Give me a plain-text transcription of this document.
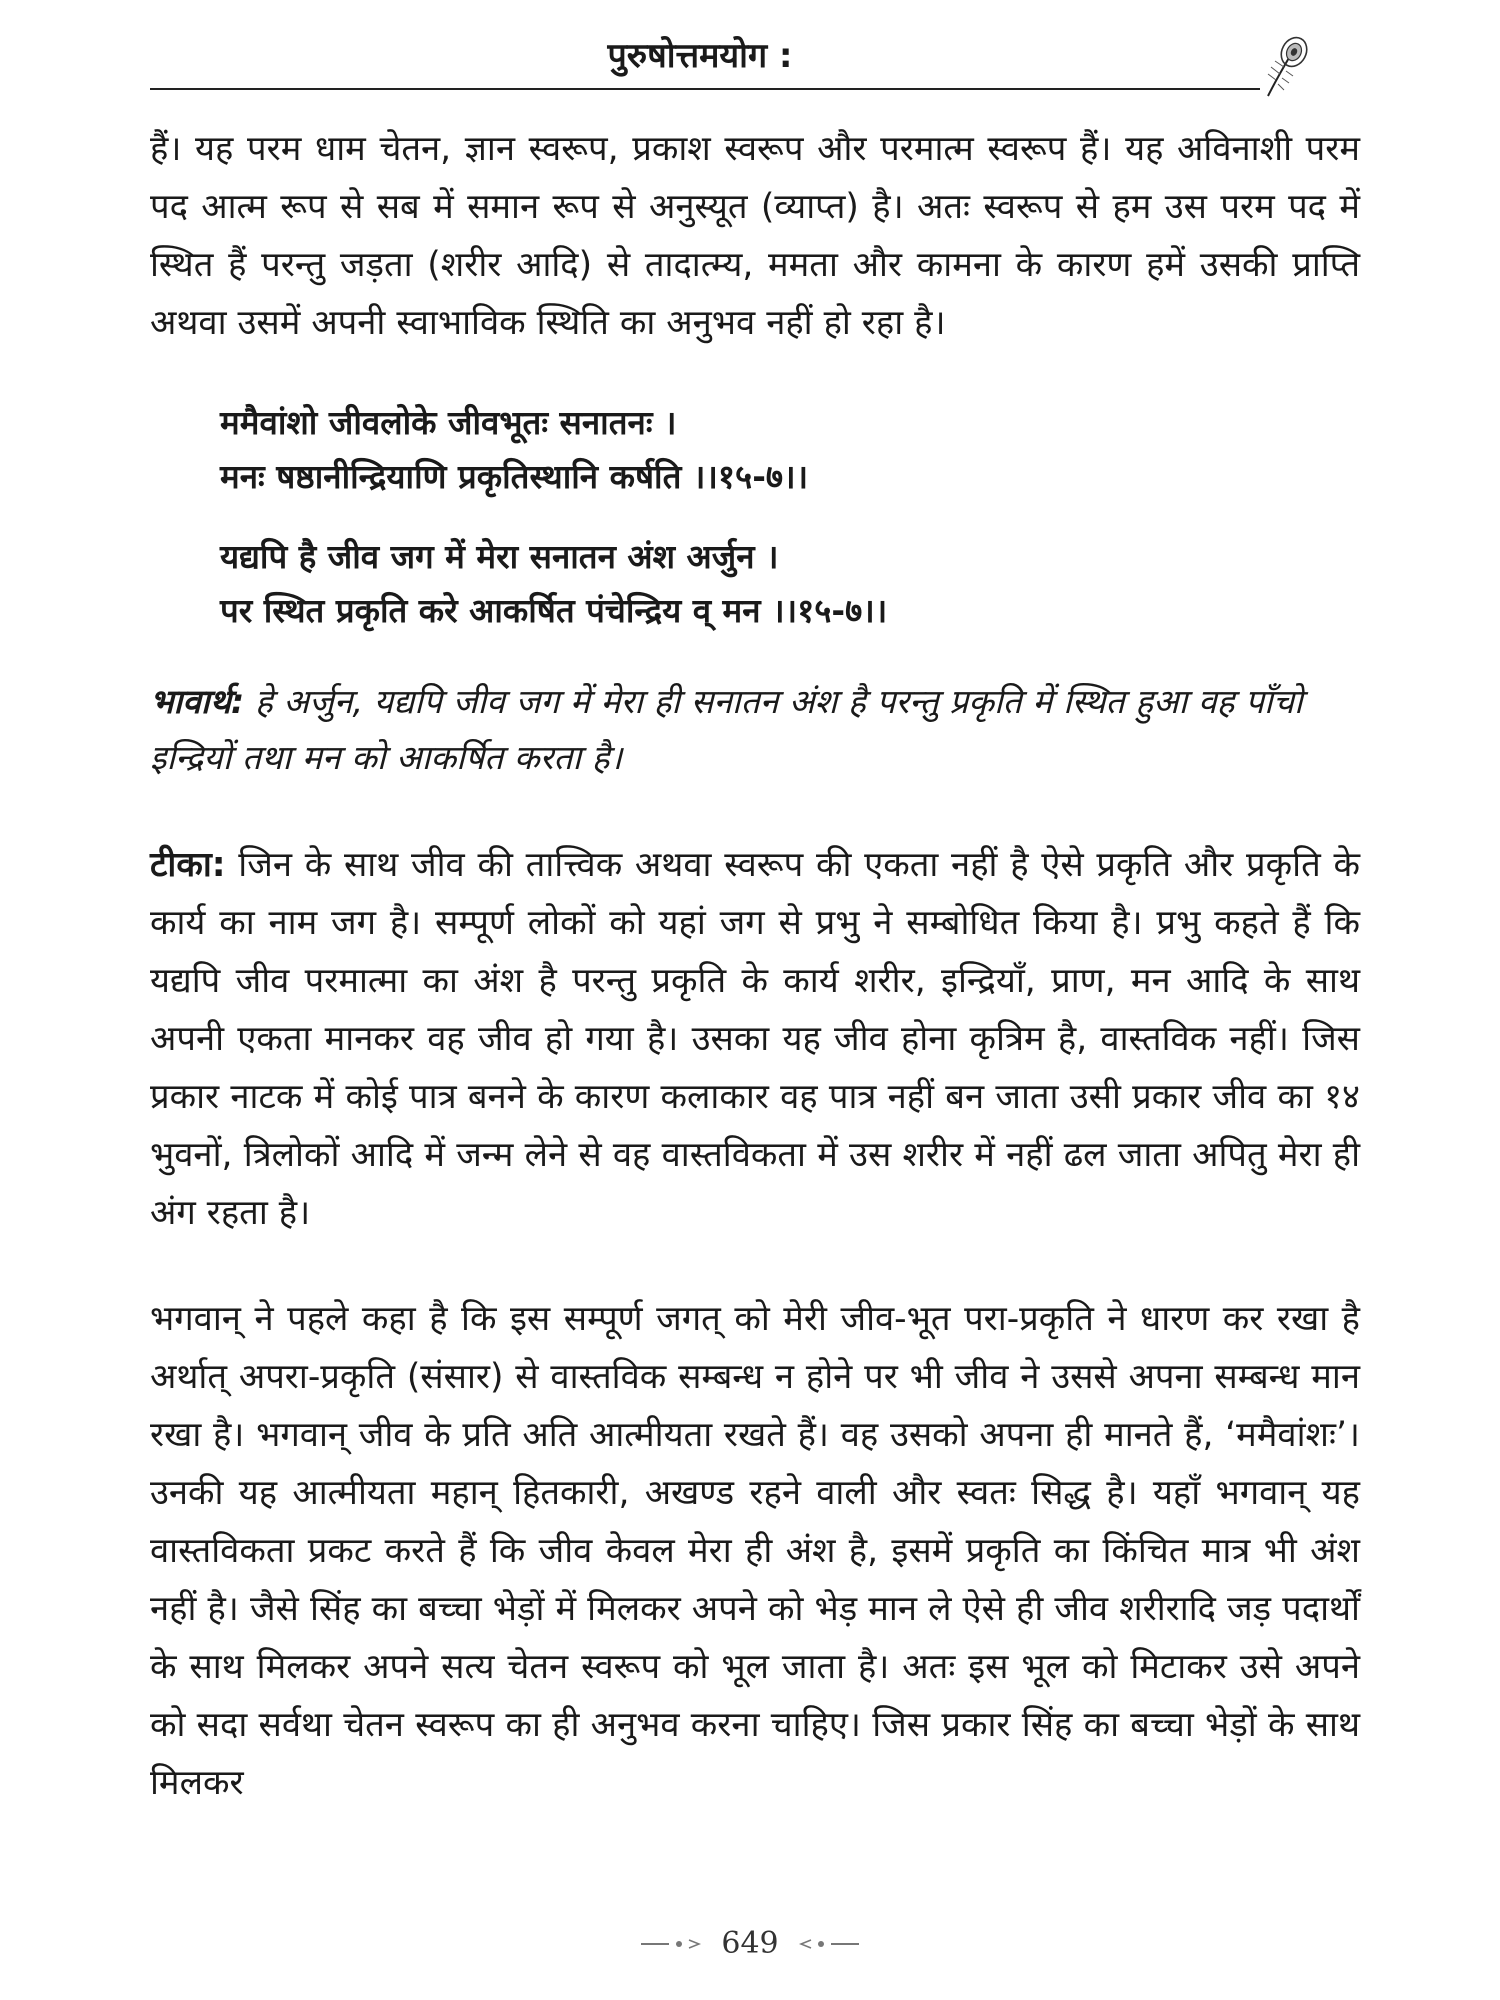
पुरुषोत्तमयोग :

हैं। यह परम धाम चेतन, ज्ञान स्वरूप, प्रकाश स्वरूप और परमात्म स्वरूप हैं। यह अविनाशी परम पद आत्म रूप से सब में समान रूप से अनुस्यूत (व्याप्त) है। अतः स्वरूप से हम उस परम पद में स्थित हैं परन्तु जड़ता (शरीर आदि) से तादात्म्य, ममता और कामना के कारण हमें उसकी प्राप्ति अथवा उसमें अपनी स्वाभाविक स्थिति का अनुभव नहीं हो रहा है।

ममैवांशो जीवलोके जीवभूतः सनातनः ।
मनः षष्ठानीन्द्रियाणि प्रकृतिस्थानि कर्षति ।।१५-७।।
यद्यपि है जीव जग में मेरा सनातन अंश अर्जुन ।
पर स्थित प्रकृति करे आकर्षित पंचेन्द्रिय व् मन ।।१५-७।।

भावार्थ: हे अर्जुन, यद्यपि जीव जग में मेरा ही सनातन अंश है परन्तु प्रकृति में स्थित हुआ वह पाँचो इन्द्रियों तथा मन को आकर्षित करता है।

टीका: जिन के साथ जीव की तात्त्विक अथवा स्वरूप की एकता नहीं है ऐसे प्रकृति और प्रकृति के कार्य का नाम जग है। सम्पूर्ण लोकों को यहां जग से प्रभु ने सम्बोधित किया है। प्रभु कहते हैं कि यद्यपि जीव परमात्मा का अंश है परन्तु प्रकृति के कार्य शरीर, इन्द्रियाँ, प्राण, मन आदि के साथ अपनी एकता मानकर वह जीव हो गया है। उसका यह जीव होना कृत्रिम है, वास्तविक नहीं। जिस प्रकार नाटक में कोई पात्र बनने के कारण कलाकार वह पात्र नहीं बन जाता उसी प्रकार जीव का १४ भुवनों, त्रिलोकों आदि में जन्म लेने से वह वास्तविकता में उस शरीर में नहीं ढल जाता अपितु मेरा ही अंग रहता है।

भगवान् ने पहले कहा है कि इस सम्पूर्ण जगत् को मेरी जीव-भूत परा-प्रकृति ने धारण कर रखा है अर्थात् अपरा-प्रकृति (संसार) से वास्तविक सम्बन्ध न होने पर भी जीव ने उससे अपना सम्बन्ध मान रखा है। भगवान् जीव के प्रति अति आत्मीयता रखते हैं। वह उसको अपना ही मानते हैं, ‘ममैवांशः’। उनकी यह आत्मीयता महान् हितकारी, अखण्ड रहने वाली और स्वतः सिद्ध है। यहाँ भगवान् यह वास्तविकता प्रकट करते हैं कि जीव केवल मेरा ही अंश है, इसमें प्रकृति का किंचित मात्र भी अंश नहीं है। जैसे सिंह का बच्चा भेड़ों में मिलकर अपने को भेड़ मान ले ऐसे ही जीव शरीरादि जड़ पदार्थों के साथ मिलकर अपने सत्य चेतन स्वरूप को भूल जाता है। अतः इस भूल को मिटाकर उसे अपने को सदा सर्वथा चेतन स्वरूप का ही अनुभव करना चाहिए। जिस प्रकार सिंह का बच्चा भेड़ों के साथ मिलकर

649
